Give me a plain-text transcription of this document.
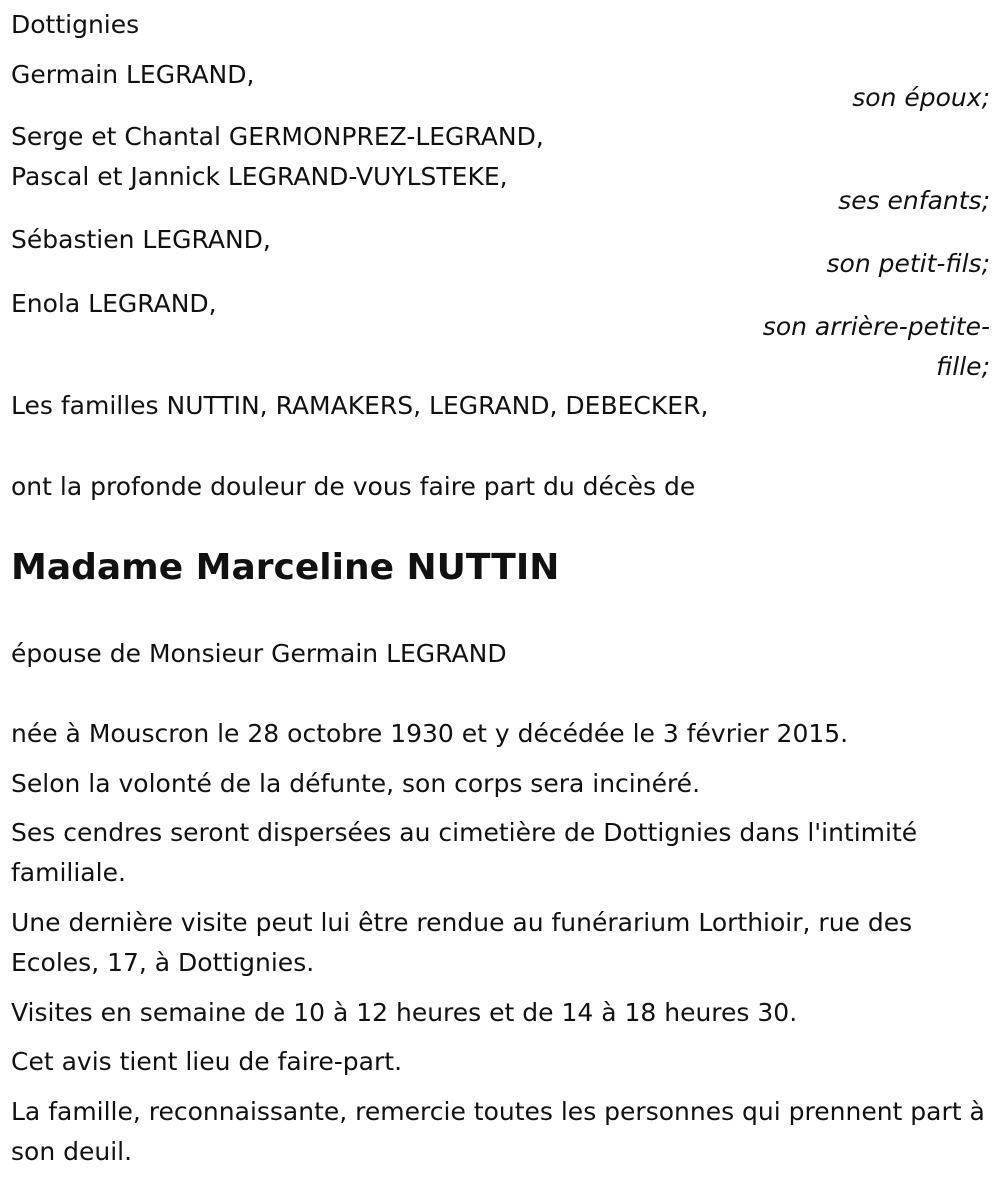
Dottignies
Germain LEGRAND,
son époux;
Serge et Chantal GERMONPREZ-LEGRAND,
Pascal et Jannick LEGRAND-VUYLSTEKE,
ses enfants;
Sébastien LEGRAND,
son petit-fils;
Enola LEGRAND,
son arrière-petite-
fille;
Les familles NUTTIN, RAMAKERS, LEGRAND, DEBECKER,
ont la profonde douleur de vous faire part du décès de
Madame Marceline NUTTIN
épouse de Monsieur Germain LEGRAND
née à Mouscron le 28 octobre 1930 et y décédée le 3 février 2015.
Selon la volonté de la défunte, son corps sera incinéré.
Ses cendres seront dispersées au cimetière de Dottignies dans l'intimité familiale.
Une dernière visite peut lui être rendue au funérarium Lorthioir, rue des Ecoles, 17, à Dottignies.
Visites en semaine de 10 à 12 heures et de 14 à 18 heures 30.
Cet avis tient lieu de faire-part.
La famille, reconnaissante, remercie toutes les personnes qui prennent part à son deuil.
